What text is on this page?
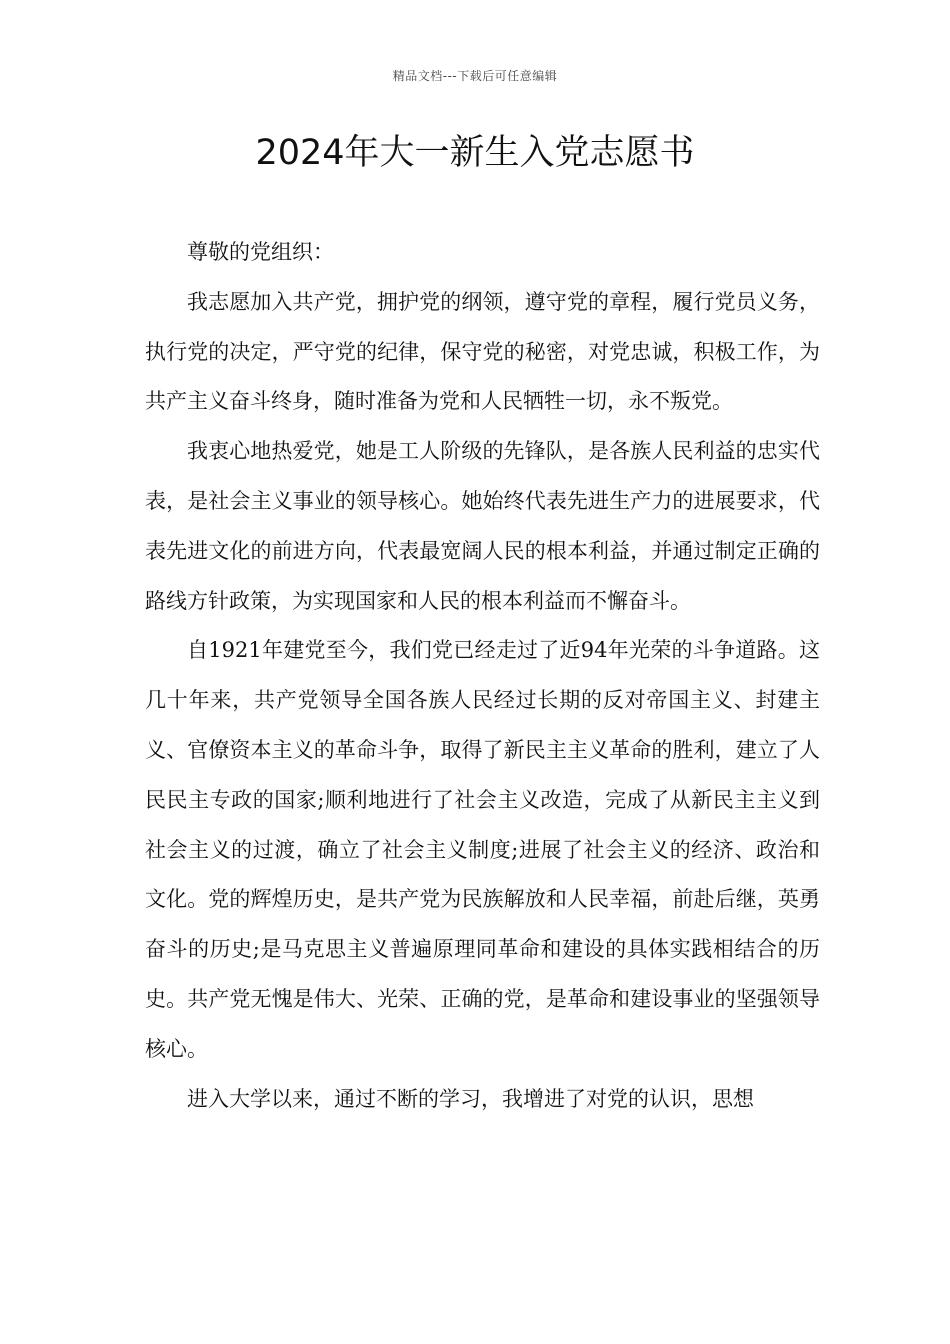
精品文档---下载后可任意编辑
2024年大一新生入党志愿书

尊敬的党组织：

我志愿加入共产党，拥护党的纲领，遵守党的章程，履行党员义务，执行党的决定，严守党的纪律，保守党的秘密，对党忠诚，积极工作，为共产主义奋斗终身，随时准备为党和人民牺牲一切，永不叛党。

我衷心地热爱党，她是工人阶级的先锋队，是各族人民利益的忠实代表，是社会主义事业的领导核心。她始终代表先进生产力的进展要求，代表先进文化的前进方向，代表最宽阔人民的根本利益，并通过制定正确的路线方针政策，为实现国家和人民的根本利益而不懈奋斗。

自1921年建党至今，我们党已经走过了近94年光荣的斗争道路。这几十年来，共产党领导全国各族人民经过长期的反对帝国主义、封建主义、官僚资本主义的革命斗争，取得了新民主主义革命的胜利，建立了人民民主专政的国家;顺利地进行了社会主义改造，完成了从新民主主义到社会主义的过渡，确立了社会主义制度;进展了社会主义的经济、政治和文化。党的辉煌历史，是共产党为民族解放和人民幸福，前赴后继，英勇奋斗的历史;是马克思主义普遍原理同革命和建设的具体实践相结合的历史。共产党无愧是伟大、光荣、正确的党，是革命和建设事业的坚强领导核心。

进入大学以来，通过不断的学习，我增进了对党的认识，思想
